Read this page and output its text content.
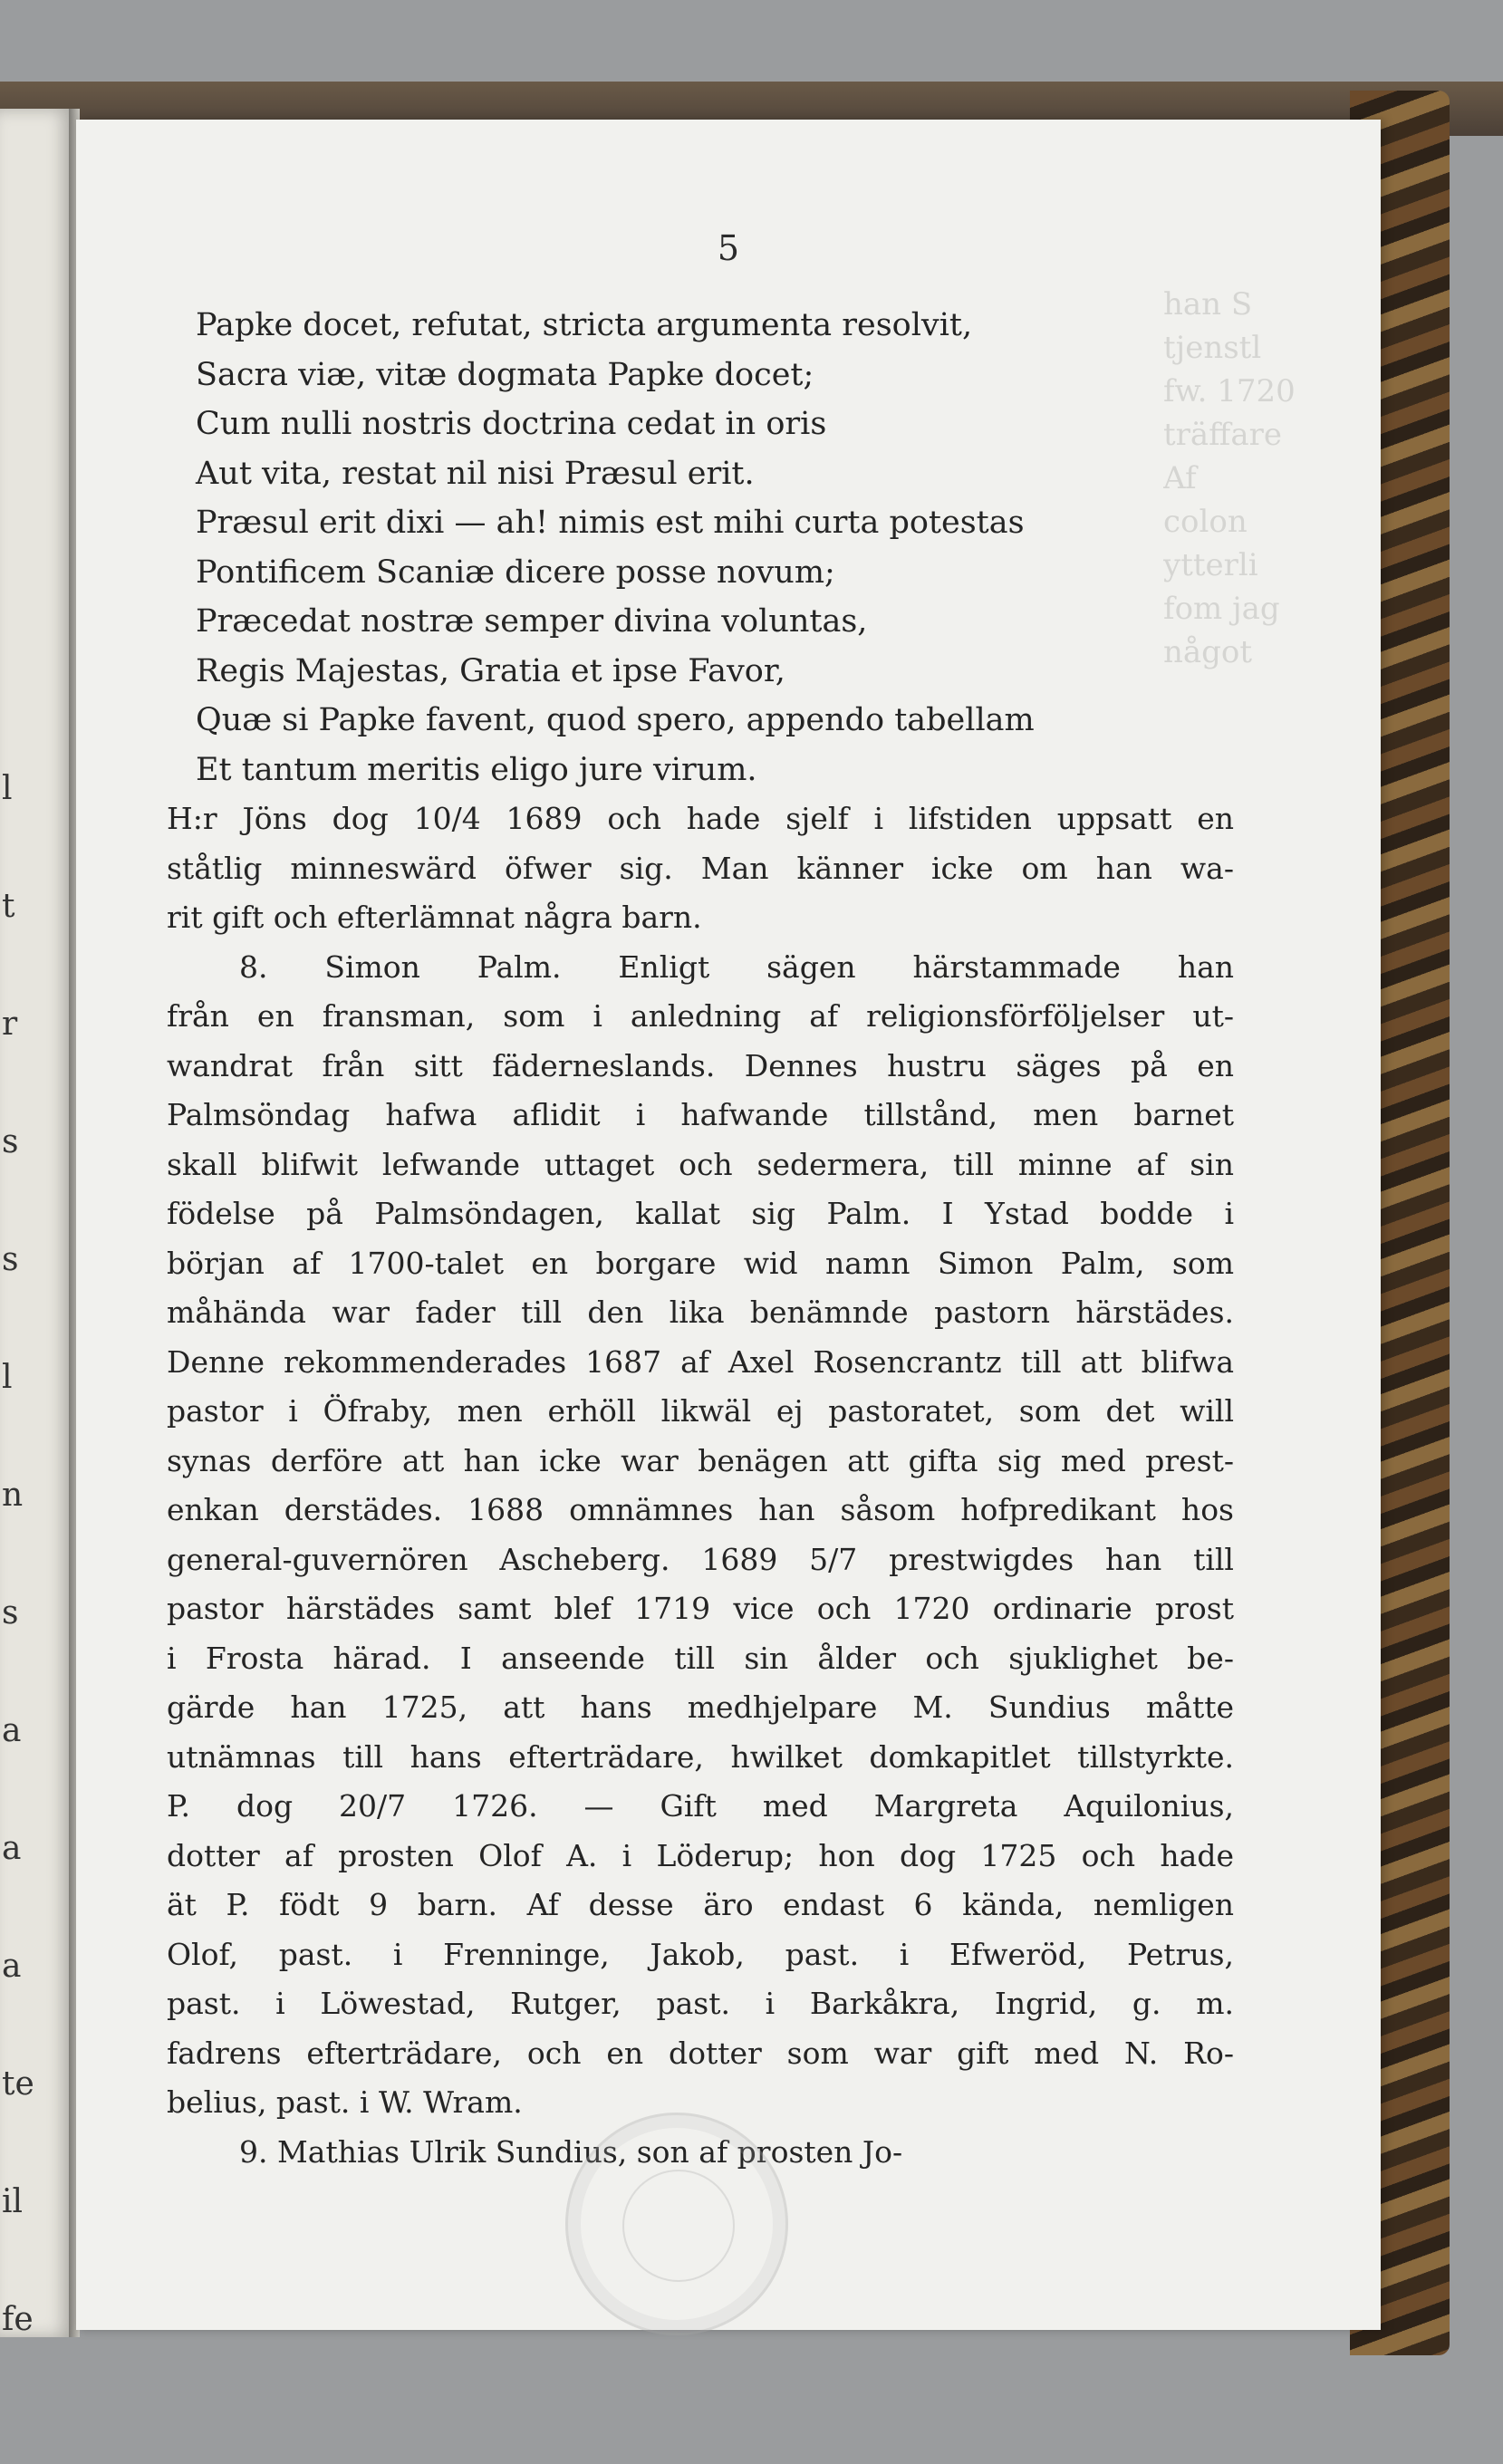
l
t
r
s
s
l
n
s
a
a
a
te
il
fe
han S
tjenstl
fw. 1720
träffare
Af
colon
ytterli
fom jag
något
5
Papke docet, refutat, stricta argumenta resolvit,
Sacra viæ, vitæ dogmata Papke docet;
Cum nulli nostris doctrina cedat in oris
Aut vita, restat nil nisi Præsul erit.
Præsul erit dixi — ah! nimis est mihi curta potestas
Pontificem Scaniæ dicere posse novum;
Præcedat nostræ semper divina voluntas,
Regis Majestas, Gratia et ipse Favor,
Quæ si Papke favent, quod spero, appendo tabellam
Et tantum meritis eligo jure virum.
H:r Jöns dog 10/4 1689 och hade sjelf i lifstiden uppsatt en
ståtlig minneswärd öfwer sig. Man känner icke om han wa-
rit gift och efterlämnat några barn.
8. Simon Palm. Enligt sägen härstammade han
från en fransman, som i anledning af religionsförföljelser ut-
wandrat från sitt fäderneslands. Dennes hustru säges på en
Palmsöndag hafwa aflidit i hafwande tillstånd, men barnet
skall blifwit lefwande uttaget och sedermera, till minne af sin
födelse på Palmsöndagen, kallat sig Palm. I Ystad bodde i
början af 1700-talet en borgare wid namn Simon Palm, som
måhända war fader till den lika benämnde pastorn härstädes.
Denne rekommenderades 1687 af Axel Rosencrantz till att blifwa
pastor i Öfraby, men erhöll likwäl ej pastoratet, som det will
synas derföre att han icke war benägen att gifta sig med prest-
enkan derstädes. 1688 omnämnes han såsom hofpredikant hos
general-guvernören Ascheberg. 1689 5/7 prestwigdes han till
pastor härstädes samt blef 1719 vice och 1720 ordinarie prost
i Frosta härad. I anseende till sin ålder och sjuklighet be-
gärde han 1725, att hans medhjelpare M. Sundius måtte
utnämnas till hans efterträdare, hwilket domkapitlet tillstyrkte.
P. dog 20/7 1726. — Gift med Margreta Aquilonius,
dotter af prosten Olof A. i Löderup; hon dog 1725 och hade
ät P. födt 9 barn. Af desse äro endast 6 kända, nemligen
Olof, past. i Frenninge, Jakob, past. i Efweröd, Petrus,
past. i Löwestad, Rutger, past. i Barkåkra, Ingrid, g. m.
fadrens efterträdare, och en dotter som war gift med N. Ro-
belius, past. i W. Wram.
9. Mathias Ulrik Sundius, son af prosten Jo-
